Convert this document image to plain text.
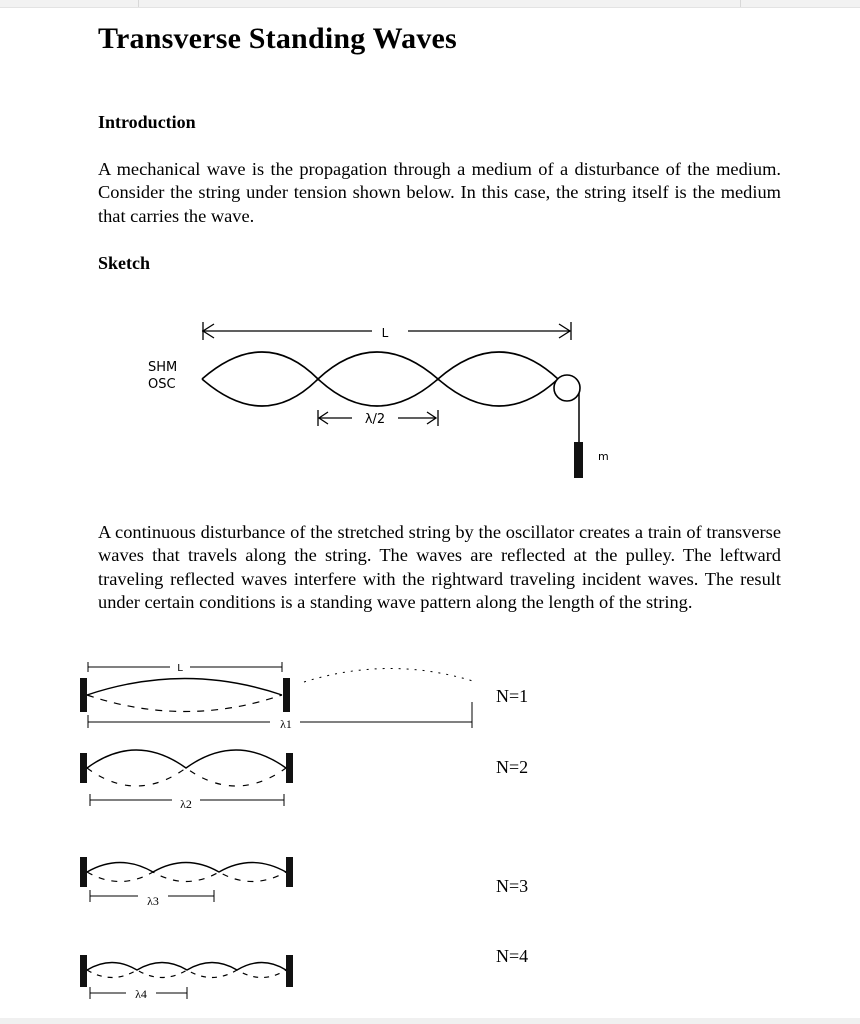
Transverse Standing Waves
Introduction

A mechanical wave is the propagation through a medium of a disturbance of the medium. Consider the string under tension shown below. In this case, the string itself is the medium that carries the wave.

Sketch
L
SHM
OSC
m
λ/2

A continuous disturbance of the stretched string by the oscillator creates a train of transverse waves that travels along the string. The waves are reflected at the pulley. The leftward traveling reflected waves interfere with the rightward traveling incident waves. The result under certain conditions is a standing wave pattern along the length of the string.

L
λ1
λ2
λ3
λ4

N=1

N=2

N=3

N=4
